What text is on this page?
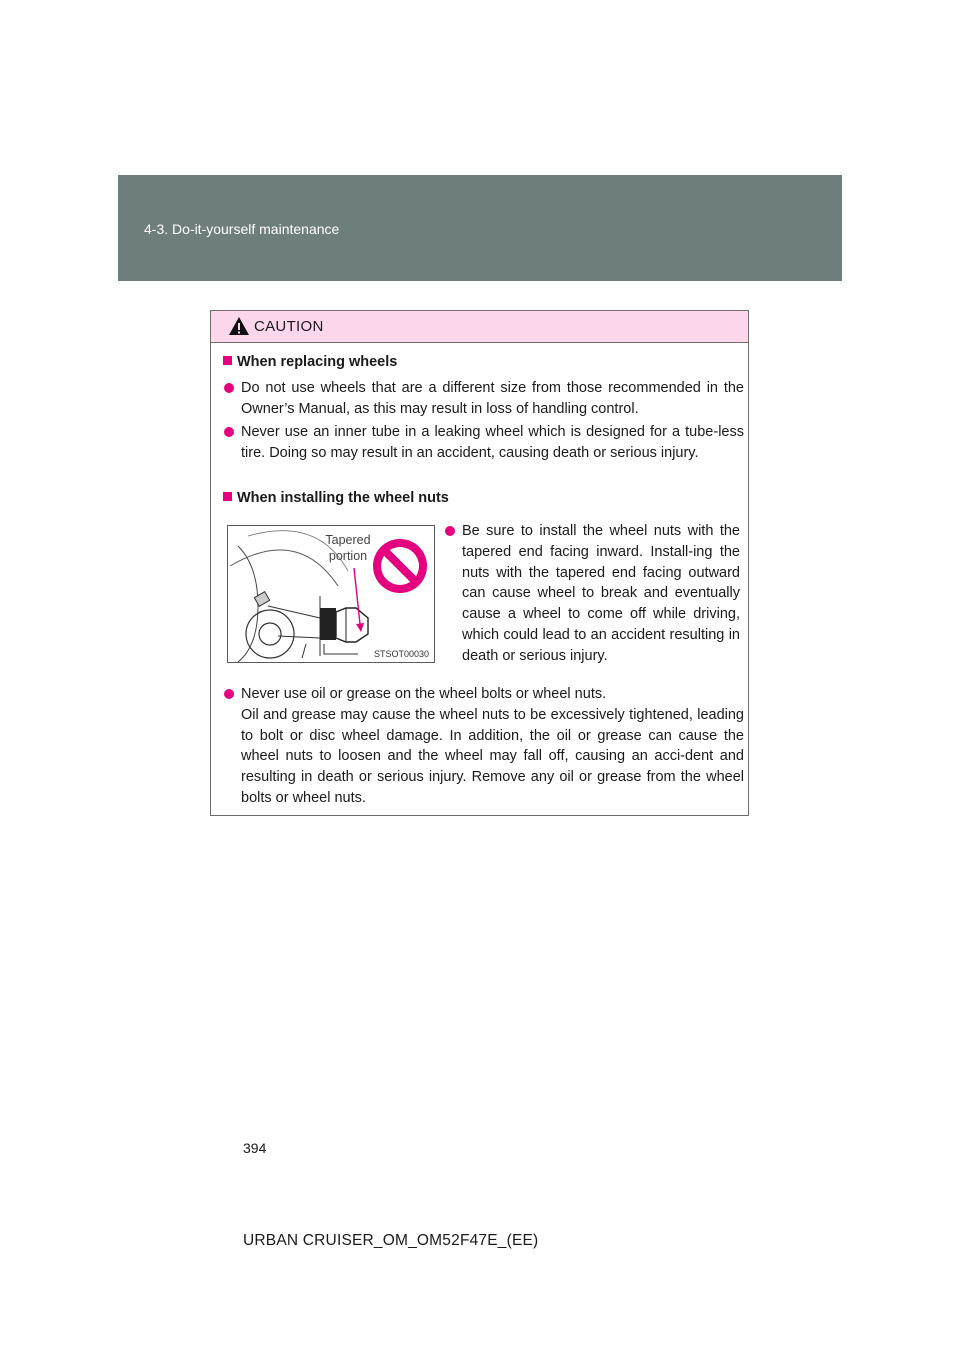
4-3. Do-it-yourself maintenance
CAUTION
When replacing wheels
Do not use wheels that are a different size from those recommended in the Owner’s Manual, as this may result in loss of handling control.
Never use an inner tube in a leaking wheel which is designed for a tube-less tire. Doing so may result in an accident, causing death or serious injury.
When installing the wheel nuts
Tapered portion
STSOT00030
Be sure to install the wheel nuts with the tapered end facing inward. Install-ing the nuts with the tapered end facing outward can cause wheel to break and eventually cause a wheel to come off while driving, which could lead to an accident resulting in death or serious injury.
Never use oil or grease on the wheel bolts or wheel nuts.
Oil and grease may cause the wheel nuts to be excessively tightened, leading to bolt or disc wheel damage. In addition, the oil or grease can cause the wheel nuts to loosen and the wheel may fall off, causing an acci-dent and resulting in death or serious injury. Remove any oil or grease from the wheel bolts or wheel nuts.
394
URBAN CRUISER_OM_OM52F47E_(EE)
